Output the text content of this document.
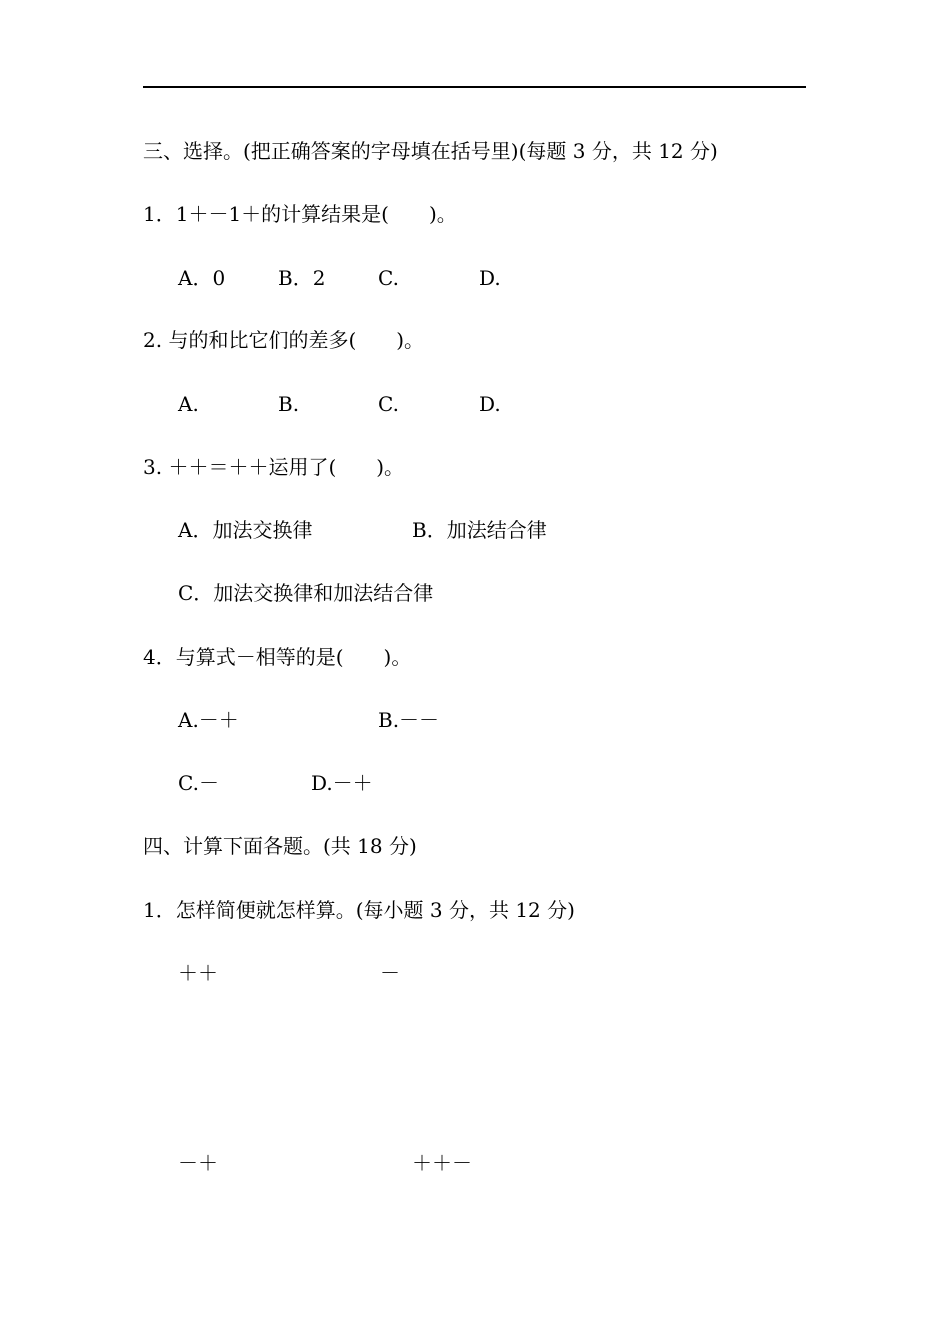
三、选择。(把正确答案的字母填在括号里)(每题 3 分，共 12 分)
1．1＋－1＋的计算结果是(　　)。
A．0	B．2	C.	D.
2. 与的和比它们的差多(　　)。
A.	B.	C.	D.
3. ＋＋＝＋＋运用了(　　)。
A．加法交换律	B．加法结合律
C．加法交换律和加法结合律
4．与算式－相等的是(　　)。
A.－＋	B.－－
C.－	D.－＋
四、计算下面各题。(共 18 分)
1．怎样简便就怎样算。(每小题 3 分，共 12 分)
＋＋	－
－＋	＋＋－
